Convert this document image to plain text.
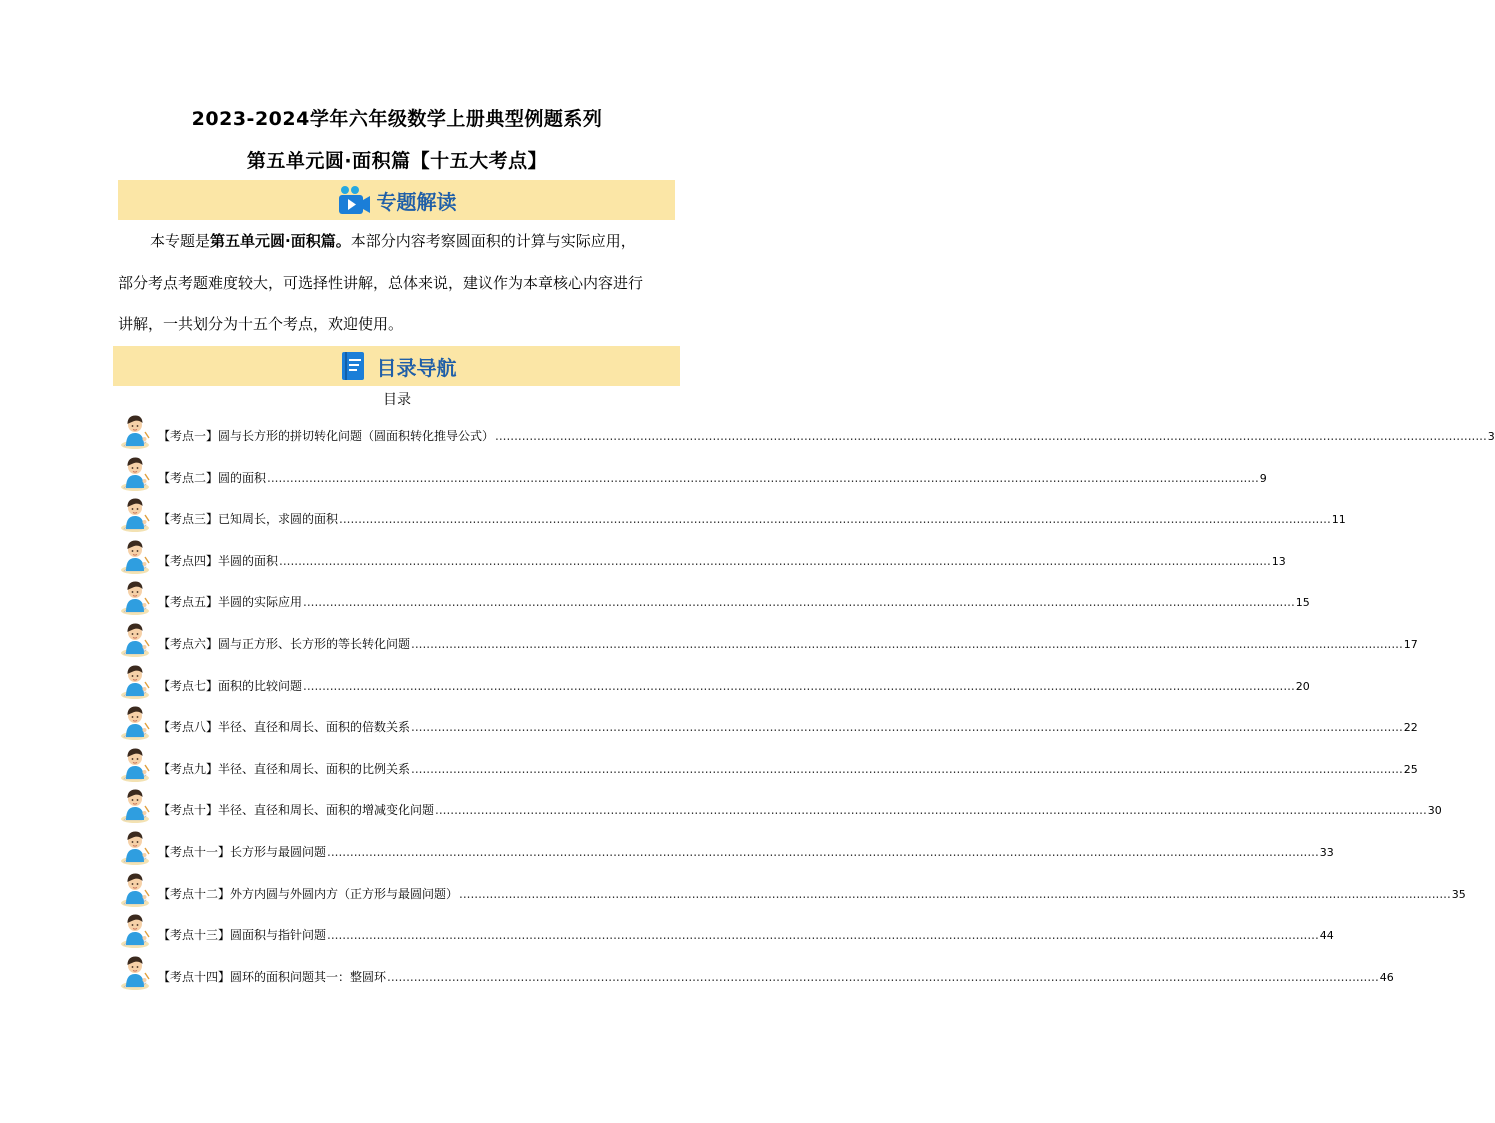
2023-2024学年六年级数学上册典型例题系列
第五单元圆·面积篇【十五大考点】
专题解读
本专题是第五单元圆·面积篇。本部分内容考察圆面积的计算与实际应用，
部分考点考题难度较大，可选择性讲解，总体来说，建议作为本章核心内容进行
讲解，一共划分为十五个考点，欢迎使用。
目录导航
目录
【考点一】圆与长方形的拼切转化问题（圆面积转化推导公式） .................................................................................................................................................................................................................................................................... 3
【考点二】圆的面积 .................................................................................................................................................................................................................................................................... 9
【考点三】已知周长，求圆的面积 .................................................................................................................................................................................................................................................................... 11
【考点四】半圆的面积 .................................................................................................................................................................................................................................................................... 13
【考点五】半圆的实际应用 .................................................................................................................................................................................................................................................................... 15
【考点六】圆与正方形、长方形的等长转化问题 .................................................................................................................................................................................................................................................................... 17
【考点七】面积的比较问题 .................................................................................................................................................................................................................................................................... 20
【考点八】半径、直径和周长、面积的倍数关系 .................................................................................................................................................................................................................................................................... 22
【考点九】半径、直径和周长、面积的比例关系 .................................................................................................................................................................................................................................................................... 25
【考点十】半径、直径和周长、面积的增减变化问题 .................................................................................................................................................................................................................................................................... 30
【考点十一】长方形与最圆问题 .................................................................................................................................................................................................................................................................... 33
【考点十二】外方内圆与外圆内方（正方形与最圆问题） .................................................................................................................................................................................................................................................................... 35
【考点十三】圆面积与指针问题 .................................................................................................................................................................................................................................................................... 44
【考点十四】圆环的面积问题其一：整圆环 .................................................................................................................................................................................................................................................................... 46
